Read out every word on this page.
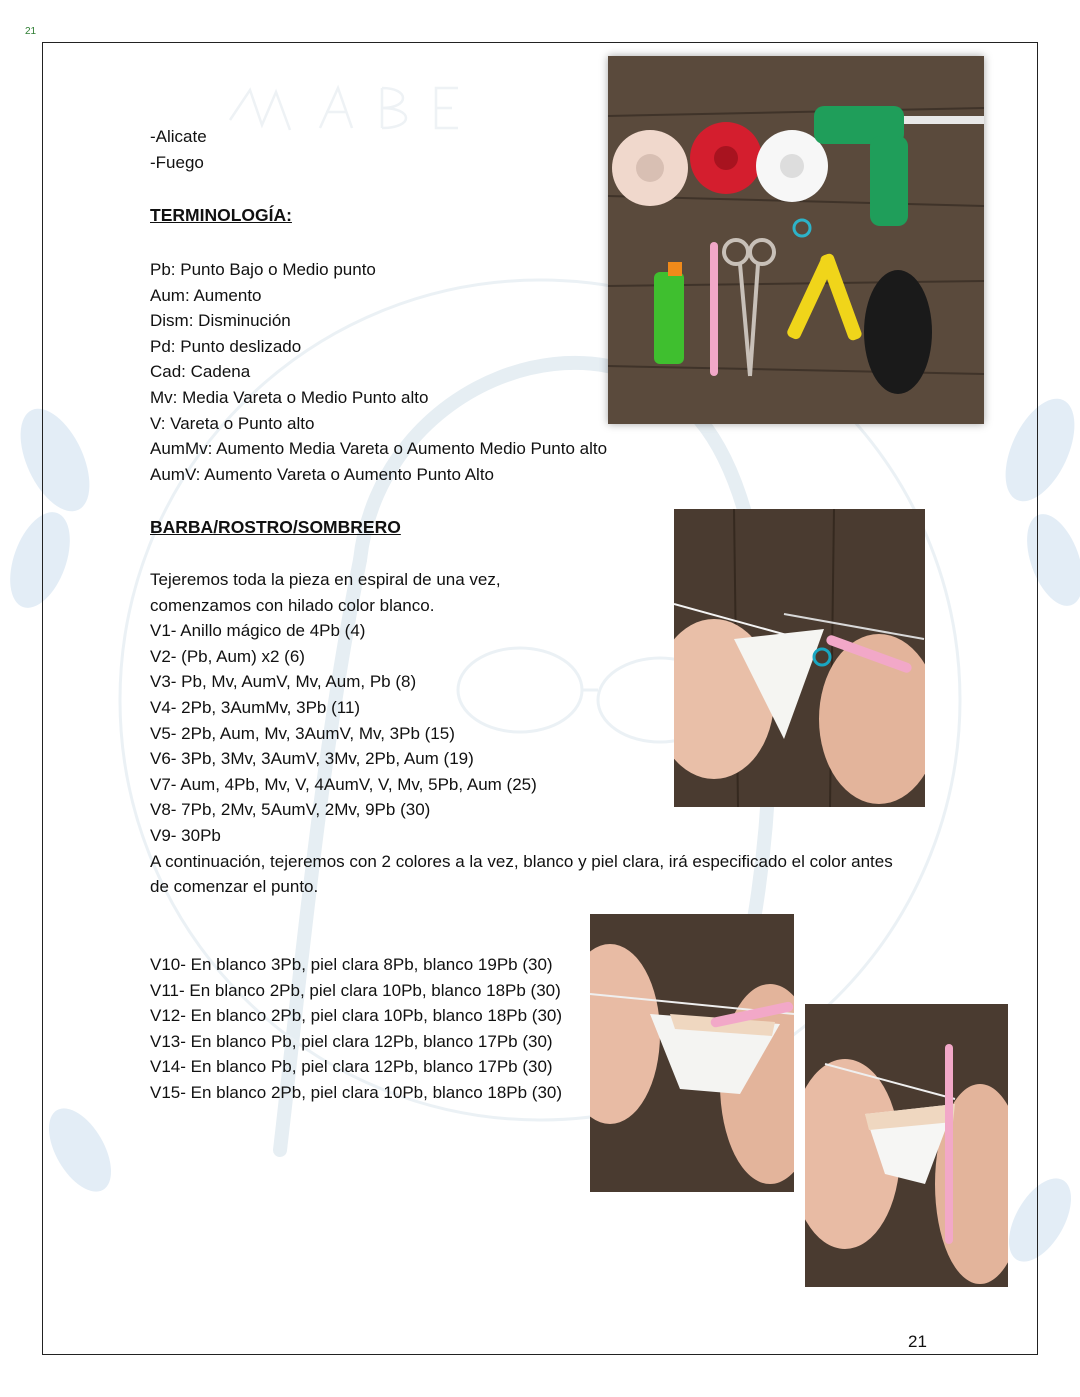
21
-Alicate
-Fuego
TERMINOLOGÍA:
Pb: Punto Bajo o Medio punto
Aum: Aumento
Dism: Disminución
Pd: Punto deslizado
Cad: Cadena
Mv: Media Vareta o Medio Punto alto
V: Vareta o Punto alto
AumMv: Aumento Media Vareta o Aumento Medio Punto alto
AumV: Aumento Vareta o Aumento Punto Alto
BARBA/ROSTRO/SOMBRERO
Tejeremos toda la pieza en espiral de una vez,
comenzamos con hilado color blanco.
V1- Anillo mágico de 4Pb (4)
V2- (Pb, Aum) x2 (6)
V3- Pb, Mv, AumV, Mv, Aum, Pb (8)
V4- 2Pb, 3AumMv, 3Pb (11)
V5- 2Pb, Aum, Mv, 3AumV, Mv, 3Pb (15)
V6- 3Pb, 3Mv, 3AumV, 3Mv, 2Pb, Aum (19)
V7- Aum, 4Pb, Mv, V, 4AumV, V, Mv, 5Pb, Aum (25)
V8- 7Pb, 2Mv, 5AumV, 2Mv, 9Pb (30)
V9- 30Pb
A continuación, tejeremos con 2 colores a la vez, blanco y piel clara, irá especificado el color antes
de comenzar el punto.
V10- En blanco 3Pb, piel clara 8Pb, blanco 19Pb (30)
V11- En blanco 2Pb, piel clara 10Pb, blanco 18Pb (30)
V12- En blanco 2Pb, piel clara 10Pb, blanco 18Pb (30)
V13- En blanco Pb, piel clara 12Pb, blanco 17Pb (30)
V14- En blanco Pb, piel clara 12Pb, blanco 17Pb (30)
V15- En blanco 2Pb, piel clara 10Pb, blanco 18Pb (30)
21
